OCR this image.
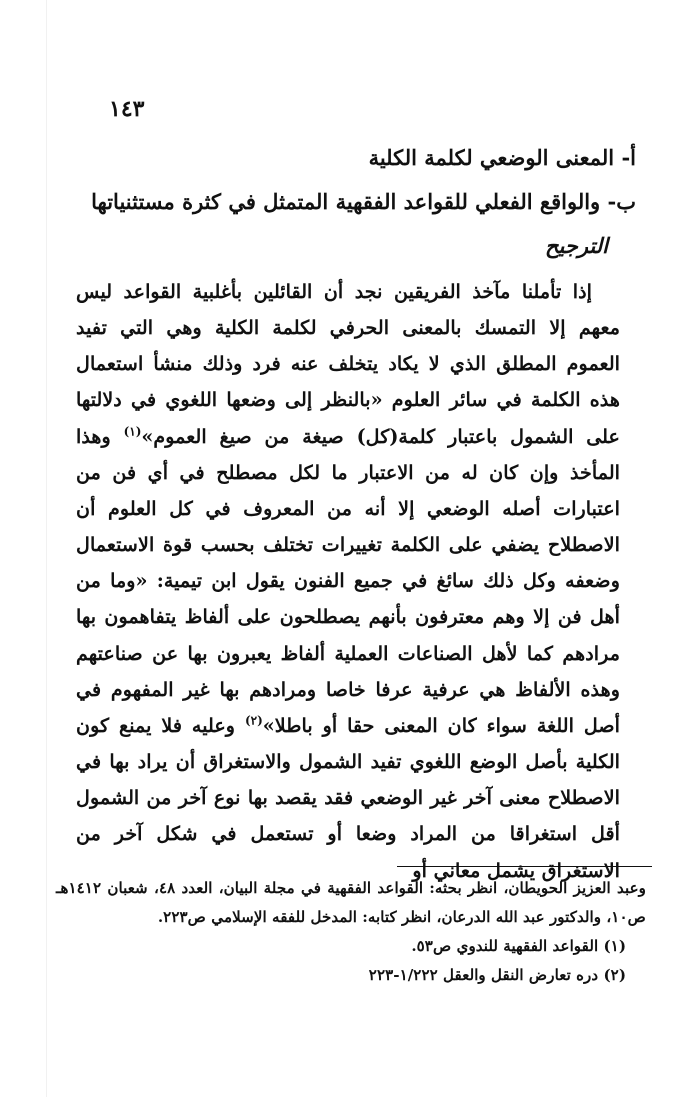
١٤٣
أ- المعنى الوضعي لكلمة الكلية
ب- والواقع الفعلي للقواعد الفقهية المتمثل في كثرة مستثنياتها
الترجيح

إذا تأملنا مآخذ الفريقين نجد أن القائلين بأغلبية القواعد ليس معهم إلا التمسك بالمعنى الحرفي لكلمة الكلية وهي التي تفيد العموم المطلق الذي لا يكاد يتخلف عنه فرد وذلك منشأ استعمال هذه الكلمة في سائر العلوم «بالنظر إلى وضعها اللغوي في دلالتها على الشمول باعتبار كلمة(كل) صيغة من صيغ العموم»$^{(١)}$ وهذا المأخذ وإن كان له من الاعتبار ما لكل مصطلح في أي فن من اعتبارات أصله الوضعي إلا أنه من المعروف في كل العلوم أن الاصطلاح يضفي على الكلمة تغييرات تختلف بحسب قوة الاستعمال وضعفه وكل ذلك سائغ في جميع الفنون يقول ابن تيمية: «وما من أهل فن إلا وهم معترفون بأنهم يصطلحون على ألفاظ يتفاهمون بها مرادهم كما لأهل الصناعات العملية ألفاظ يعبرون بها عن صناعتهم وهذه الألفاظ هي عرفية عرفا خاصا ومرادهم بها غير المفهوم في أصل اللغة سواء كان المعنى حقا أو باطلا»$^{(٢)}$ وعليه فلا يمنع كون الكلية بأصل الوضع اللغوي تفيد الشمول والاستغراق أن يراد بها في الاصطلاح معنى آخر غير الوضعي فقد يقصد بها نوع آخر من الشمول أقل استغراقا من المراد وضعا أو تستعمل في شكل آخر من الاستغراق يشمل معاني أو

وعبد العزيز الحويطان، انظر بحثه: القواعد الفقهية في مجلة البيان، العدد ٤٨، شعبان ١٤١٢هـ ص١٠، والدكتور عبد الله الدرعان، انظر كتابه: المدخل للفقه الإسلامي ص٢٢٣.

(١) القواعد الفقهية للندوي ص٥٣.

(٢) دره تعارض النقل والعقل ١/٢٢٢-٢٢٣
